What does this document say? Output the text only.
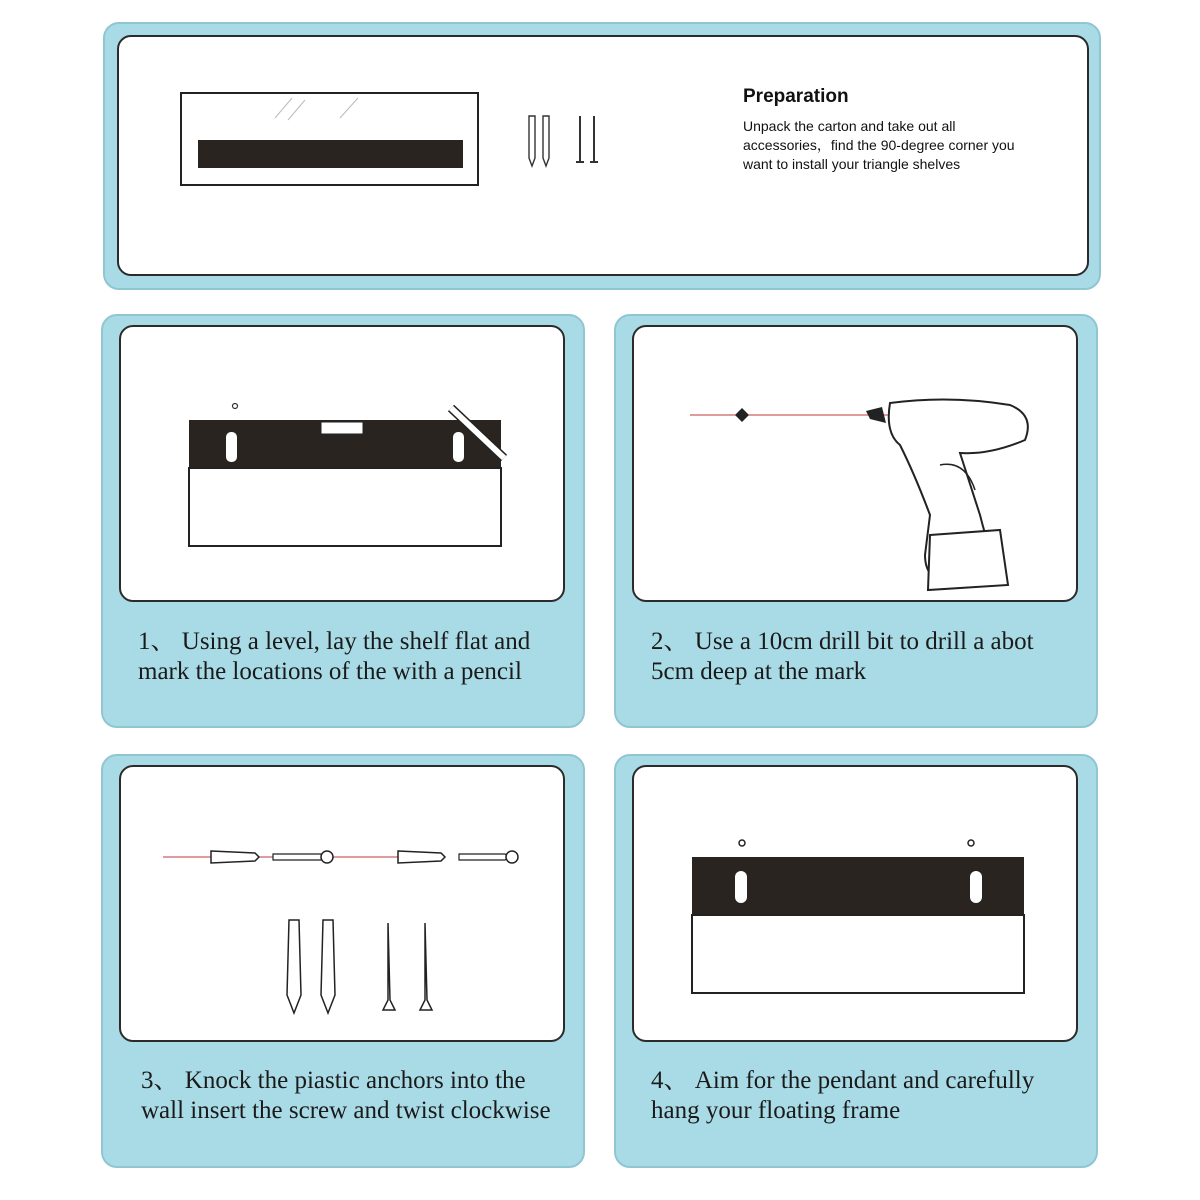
Preparation
Unpack the carton and take out all accessories，find the 90-degree corner you want to install your triangle shelves
1、 Using a level, lay the shelf flat and mark the locations of the with a pencil
2、 Use a 10cm drill bit to drill a abot 5cm deep at the mark
3、 Knock the piastic anchors into the wall insert the screw and twist clockwise
4、 Aim for the pendant and carefully hang your floating frame
